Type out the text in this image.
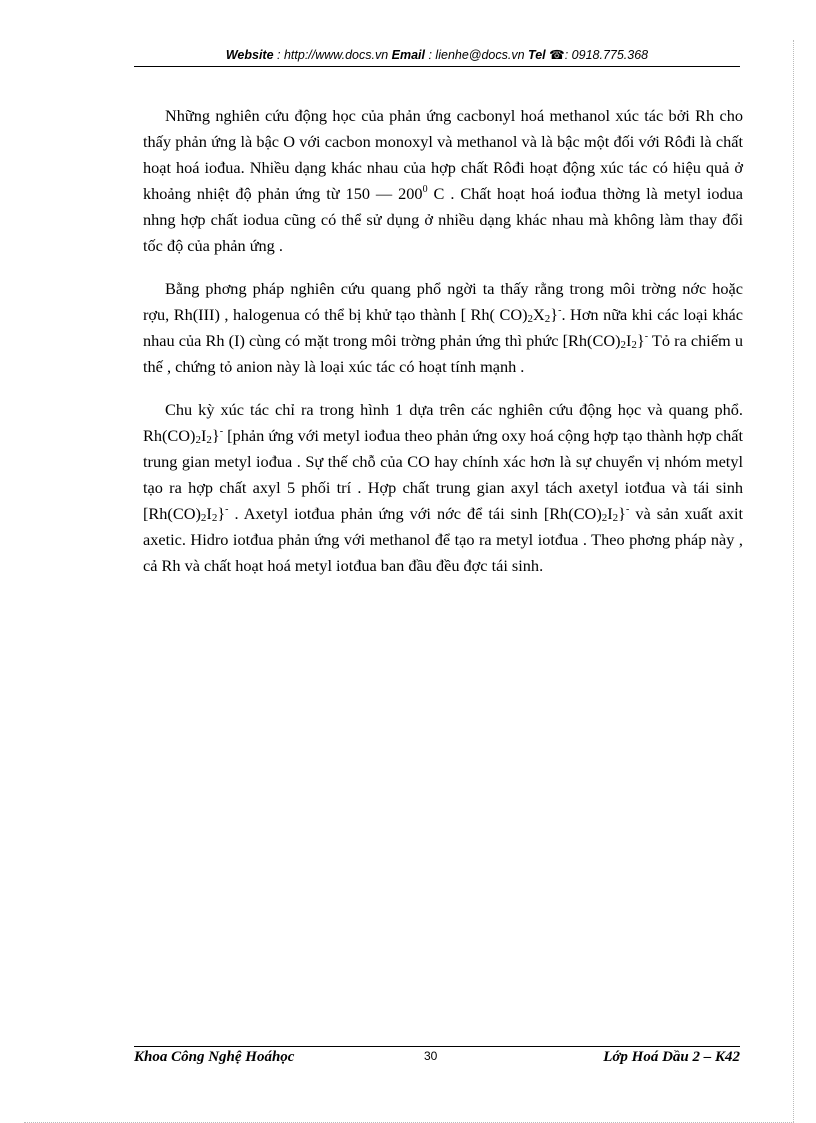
Website : http://www.docs.vn Email : lienhe@docs.vn Tel ☎: 0918.775.368

Những nghiên cứu động học của phản ứng cacbonyl hoá methanol xúc tác bởi Rh cho thấy phản ứng là bậc O với cacbon monoxyl và methanol và là bậc một đối với Rôđi là chất hoạt hoá iođua. Nhiều dạng khác nhau của hợp chất Rôđi hoạt động xúc tác có hiệu quả ở khoảng nhiệt độ phản ứng từ 150 — $200^0$ C . Chất hoạt hoá iođua thờng là metyl iodua nhng hợp chất iodua cũng có thể sử dụng ở nhiều dạng khác nhau mà không làm thay đổi tốc độ của phản ứng .

Bằng phơng pháp nghiên cứu quang phổ ngời ta thấy rằng trong môi trờng nớc hoặc rợu, Rh(III) , halogenua có thể bị khử tạo thành [ Rh( $CO)_2X_2\}^-$. Hơn nữa khi các loại khác nhau của Rh (I) cùng có mặt trong môi trờng phản ứng thì phức $[Rh(CO)_2I_2\}^-$ Tỏ ra chiếm u thế , chứng tỏ anion này là loại xúc tác có hoạt tính mạnh .

Chu kỳ xúc tác chỉ ra trong hình 1 dựa trên các nghiên cứu động học và quang phổ. $Rh(CO)_2I_2\}^-$ [phản ứng với metyl iođua theo phản ứng oxy hoá cộng hợp tạo thành hợp chất trung gian metyl iođua . Sự thế chỗ của CO hay chính xác hơn là sự chuyển vị nhóm metyl tạo ra hợp chất axyl 5 phối trí . Hợp chất trung gian axyl tách axetyl iotđua và tái $\sinh [Rh(CO)_2I_2\}^-$ . Axetyl iotđua phản ứng với nớc để tái $\sinh [Rh(CO)_2I_2\}^-$ và sản xuất axit axetic. Hidro iotđua phản ứng với methanol để tạo ra metyl iotđua . Theo phơng pháp này , cả Rh và chất hoạt hoá metyl iotđua ban đầu đều đợc tái sinh.

Khoa Công Nghệ Hoáhọc	30	Lớp Hoá Dầu 2 – K42
